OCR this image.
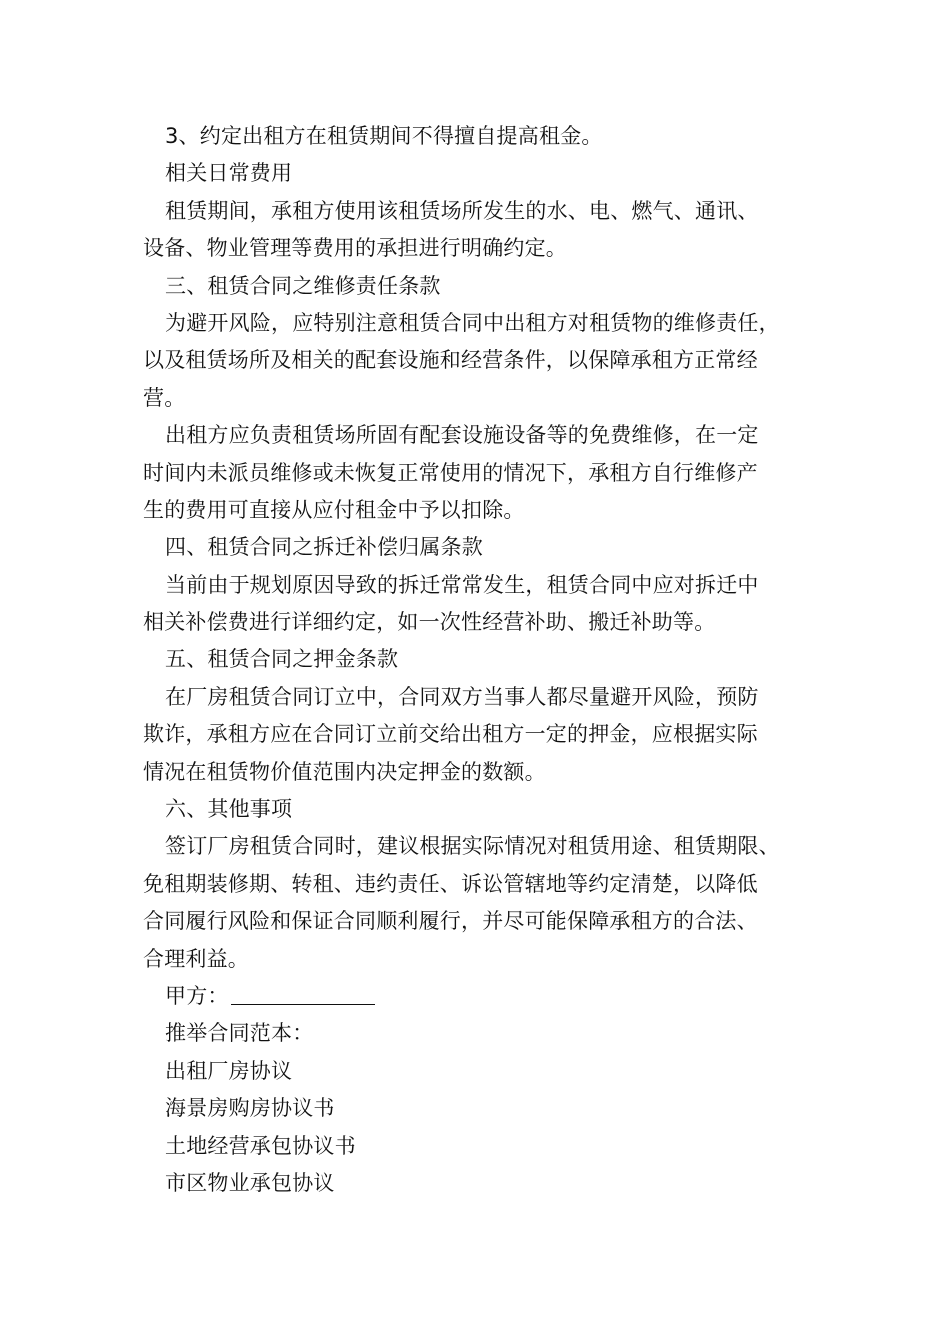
3、约定出租方在租赁期间不得擅自提高租金。

相关日常费用

租赁期间，承租方使用该租赁场所发生的水、电、燃气、通讯、

设备、物业管理等费用的承担进行明确约定。

三、租赁合同之维修责任条款

为避开风险，应特别注意租赁合同中出租方对租赁物的维修责任，

以及租赁场所及相关的配套设施和经营条件，以保障承租方正常经

营。

出租方应负责租赁场所固有配套设施设备等的免费维修，在一定

时间内未派员维修或未恢复正常使用的情况下，承租方自行维修产

生的费用可直接从应付租金中予以扣除。

四、租赁合同之拆迁补偿归属条款

当前由于规划原因导致的拆迁常常发生，租赁合同中应对拆迁中

相关补偿费进行详细约定，如一次性经营补助、搬迁补助等。

五、租赁合同之押金条款

在厂房租赁合同订立中，合同双方当事人都尽量避开风险，预防

欺诈，承租方应在合同订立前交给出租方一定的押金，应根据实际

情况在租赁物价值范围内决定押金的数额。

六、其他事项

签订厂房租赁合同时，建议根据实际情况对租赁用途、租赁期限、

免租期装修期、转租、违约责任、诉讼管辖地等约定清楚，以降低

合同履行风险和保证合同顺利履行，并尽可能保障承租方的合法、

合理利益。

甲方：

推举合同范本：

出租厂房协议

海景房购房协议书

土地经营承包协议书

市区物业承包协议
